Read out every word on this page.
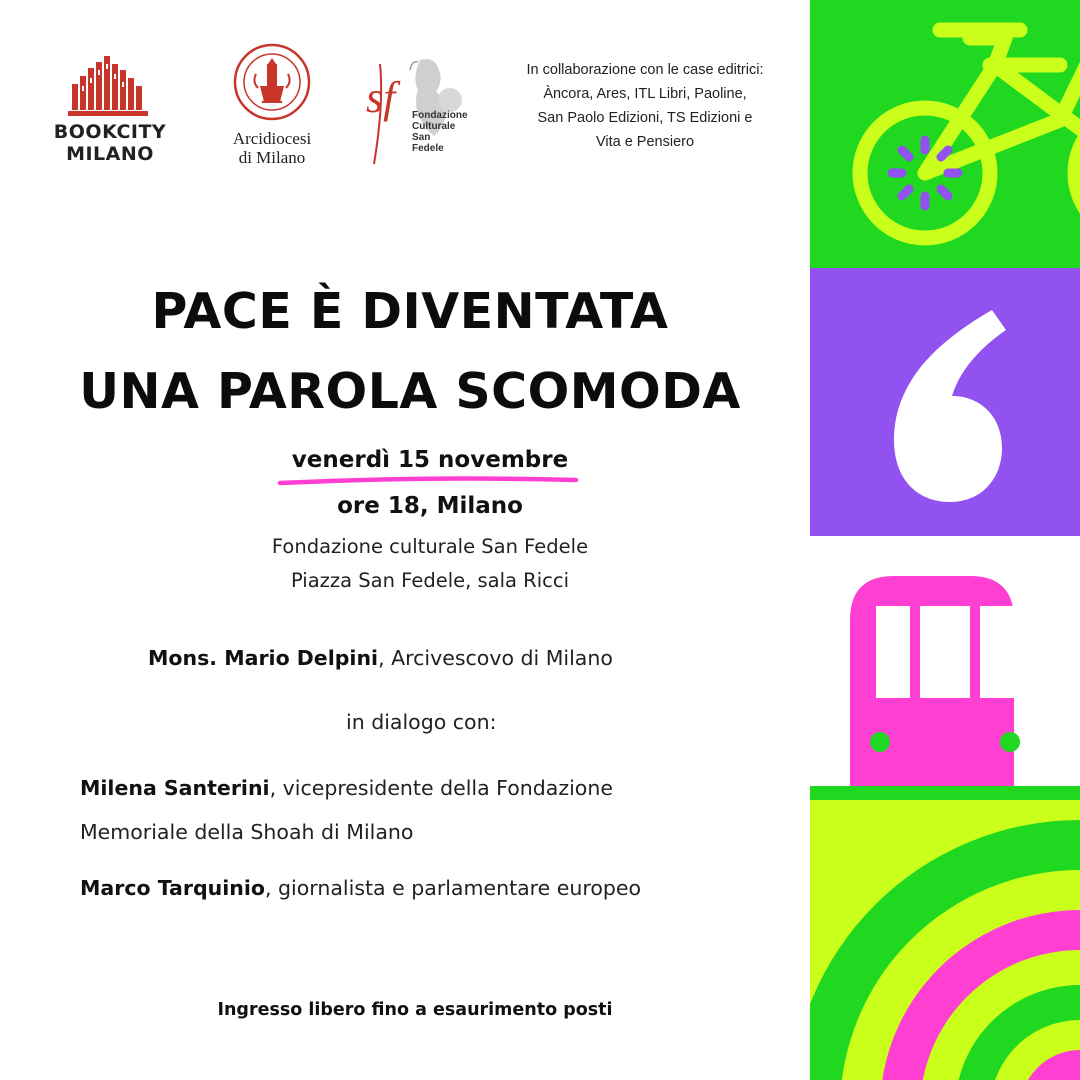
BOOKCITY
MILANO
Arcidiocesi
di Milano
sf	Fondazione
Culturale
San
Fedele
In collaborazione con le case editrici:
Àncora, Ares, ITL Libri, Paoline,
San Paolo Edizioni, TS Edizioni e
Vita e Pensiero
PACE È DIVENTATA
UNA PAROLA SCOMODA
venerdì 15 novembre
ore 18, Milano
Fondazione culturale San Fedele
Piazza San Fedele, sala Ricci
Mons. Mario Delpini, Arcivescovo di Milano
in dialogo con:
Milena Santerini, vicepresidente della Fondazione
Memoriale della Shoah di Milano
Marco Tarquinio, giornalista e parlamentare europeo
Ingresso libero fino a esaurimento posti
